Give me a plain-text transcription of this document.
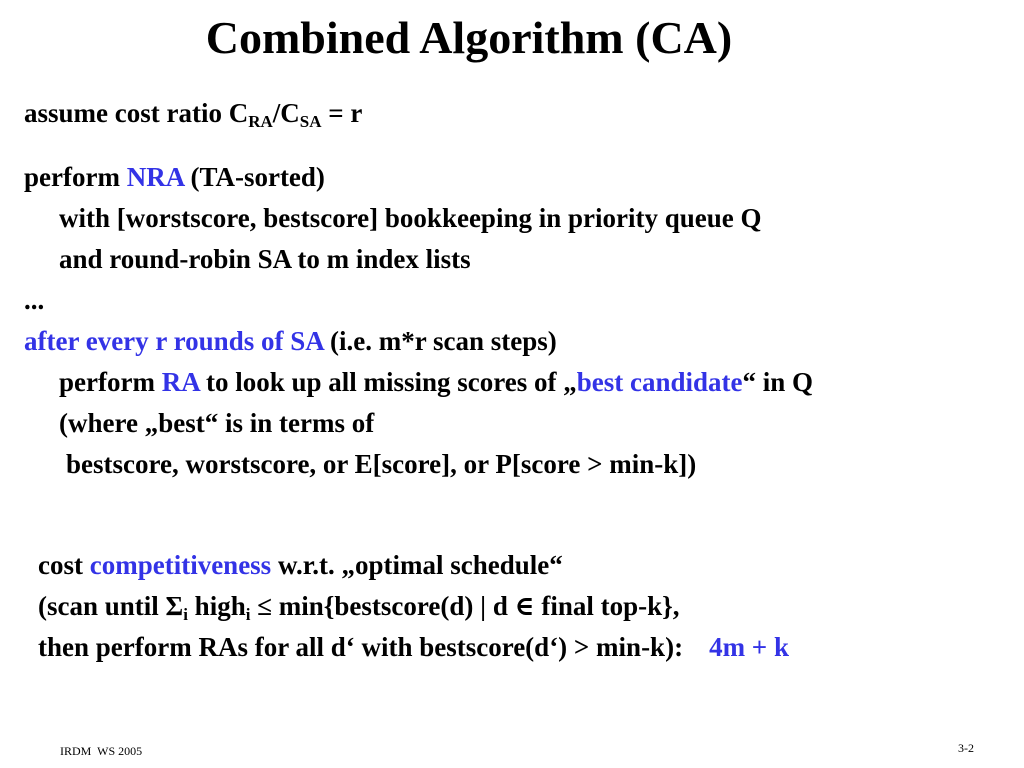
Combined Algorithm (CA)
assume cost ratio $C_{RA}/C_{SA} = r$
perform NRA (TA-sorted)
with [worstscore, bestscore] bookkeeping in priority queue Q
and round-robin SA to m index lists
...
after every r rounds of SA (i.e. m*r scan steps)
perform RA to look up all missing scores of „best candidate“ in Q
(where „best“ is in terms of
bestscore, worstscore, or E[score], or P[score > min-k])
cost competitiveness w.r.t. „optimal schedule“
(scan until $\Sigma_i$ high$_i$ ≤ min{bestscore(d) | d ∈ final top-k},
then perform RAs for all d‘ with bestscore(d‘) > min-k): 4m + k
IRDM  WS 2005	3-2
